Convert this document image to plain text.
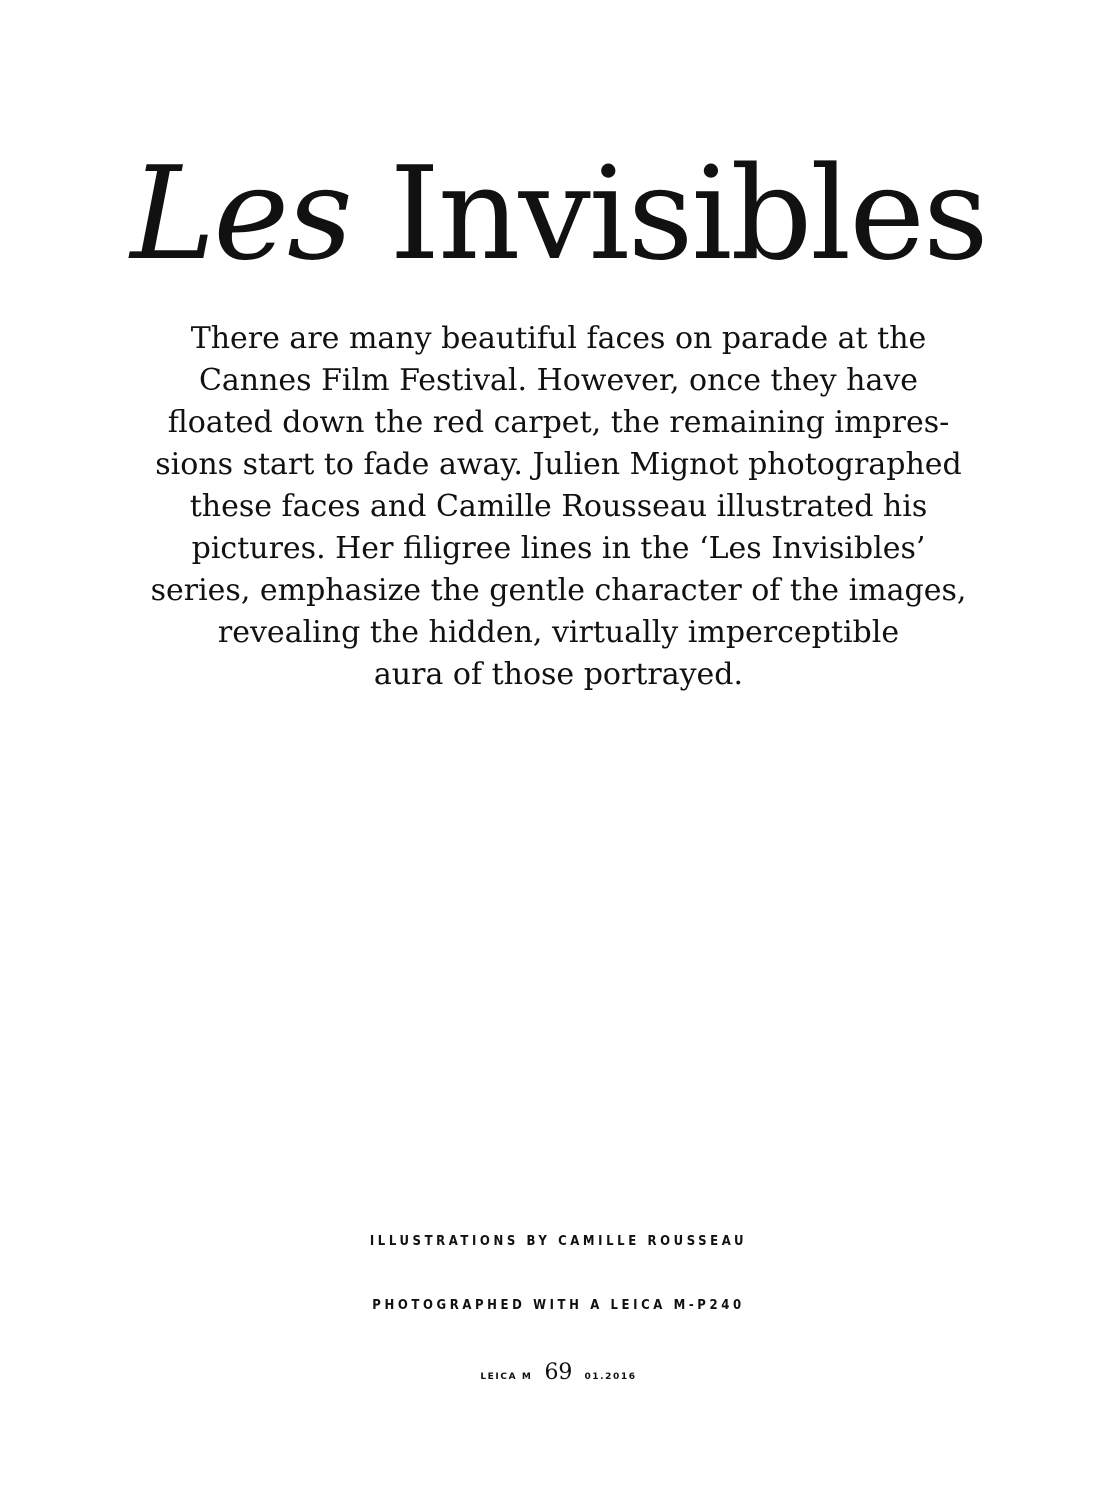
Les Invisibles

There are many beautiful faces on parade at the
Cannes Film Festival. However, once they have
floated down the red carpet, the remaining impres-
sions start to fade away. Julien Mignot photographed
these faces and Camille Rousseau illustrated his
pictures. Her filigree lines in the ‘Les Invisibles’
series, emphasize the gentle character of the images,
revealing the hidden, virtually imperceptible
aura of those portrayed.

ILLUSTRATIONS BY CAMILLE ROUSSEAU

PHOTOGRAPHED WITH A LEICA M-P240

LEICA M 69 01.2016
